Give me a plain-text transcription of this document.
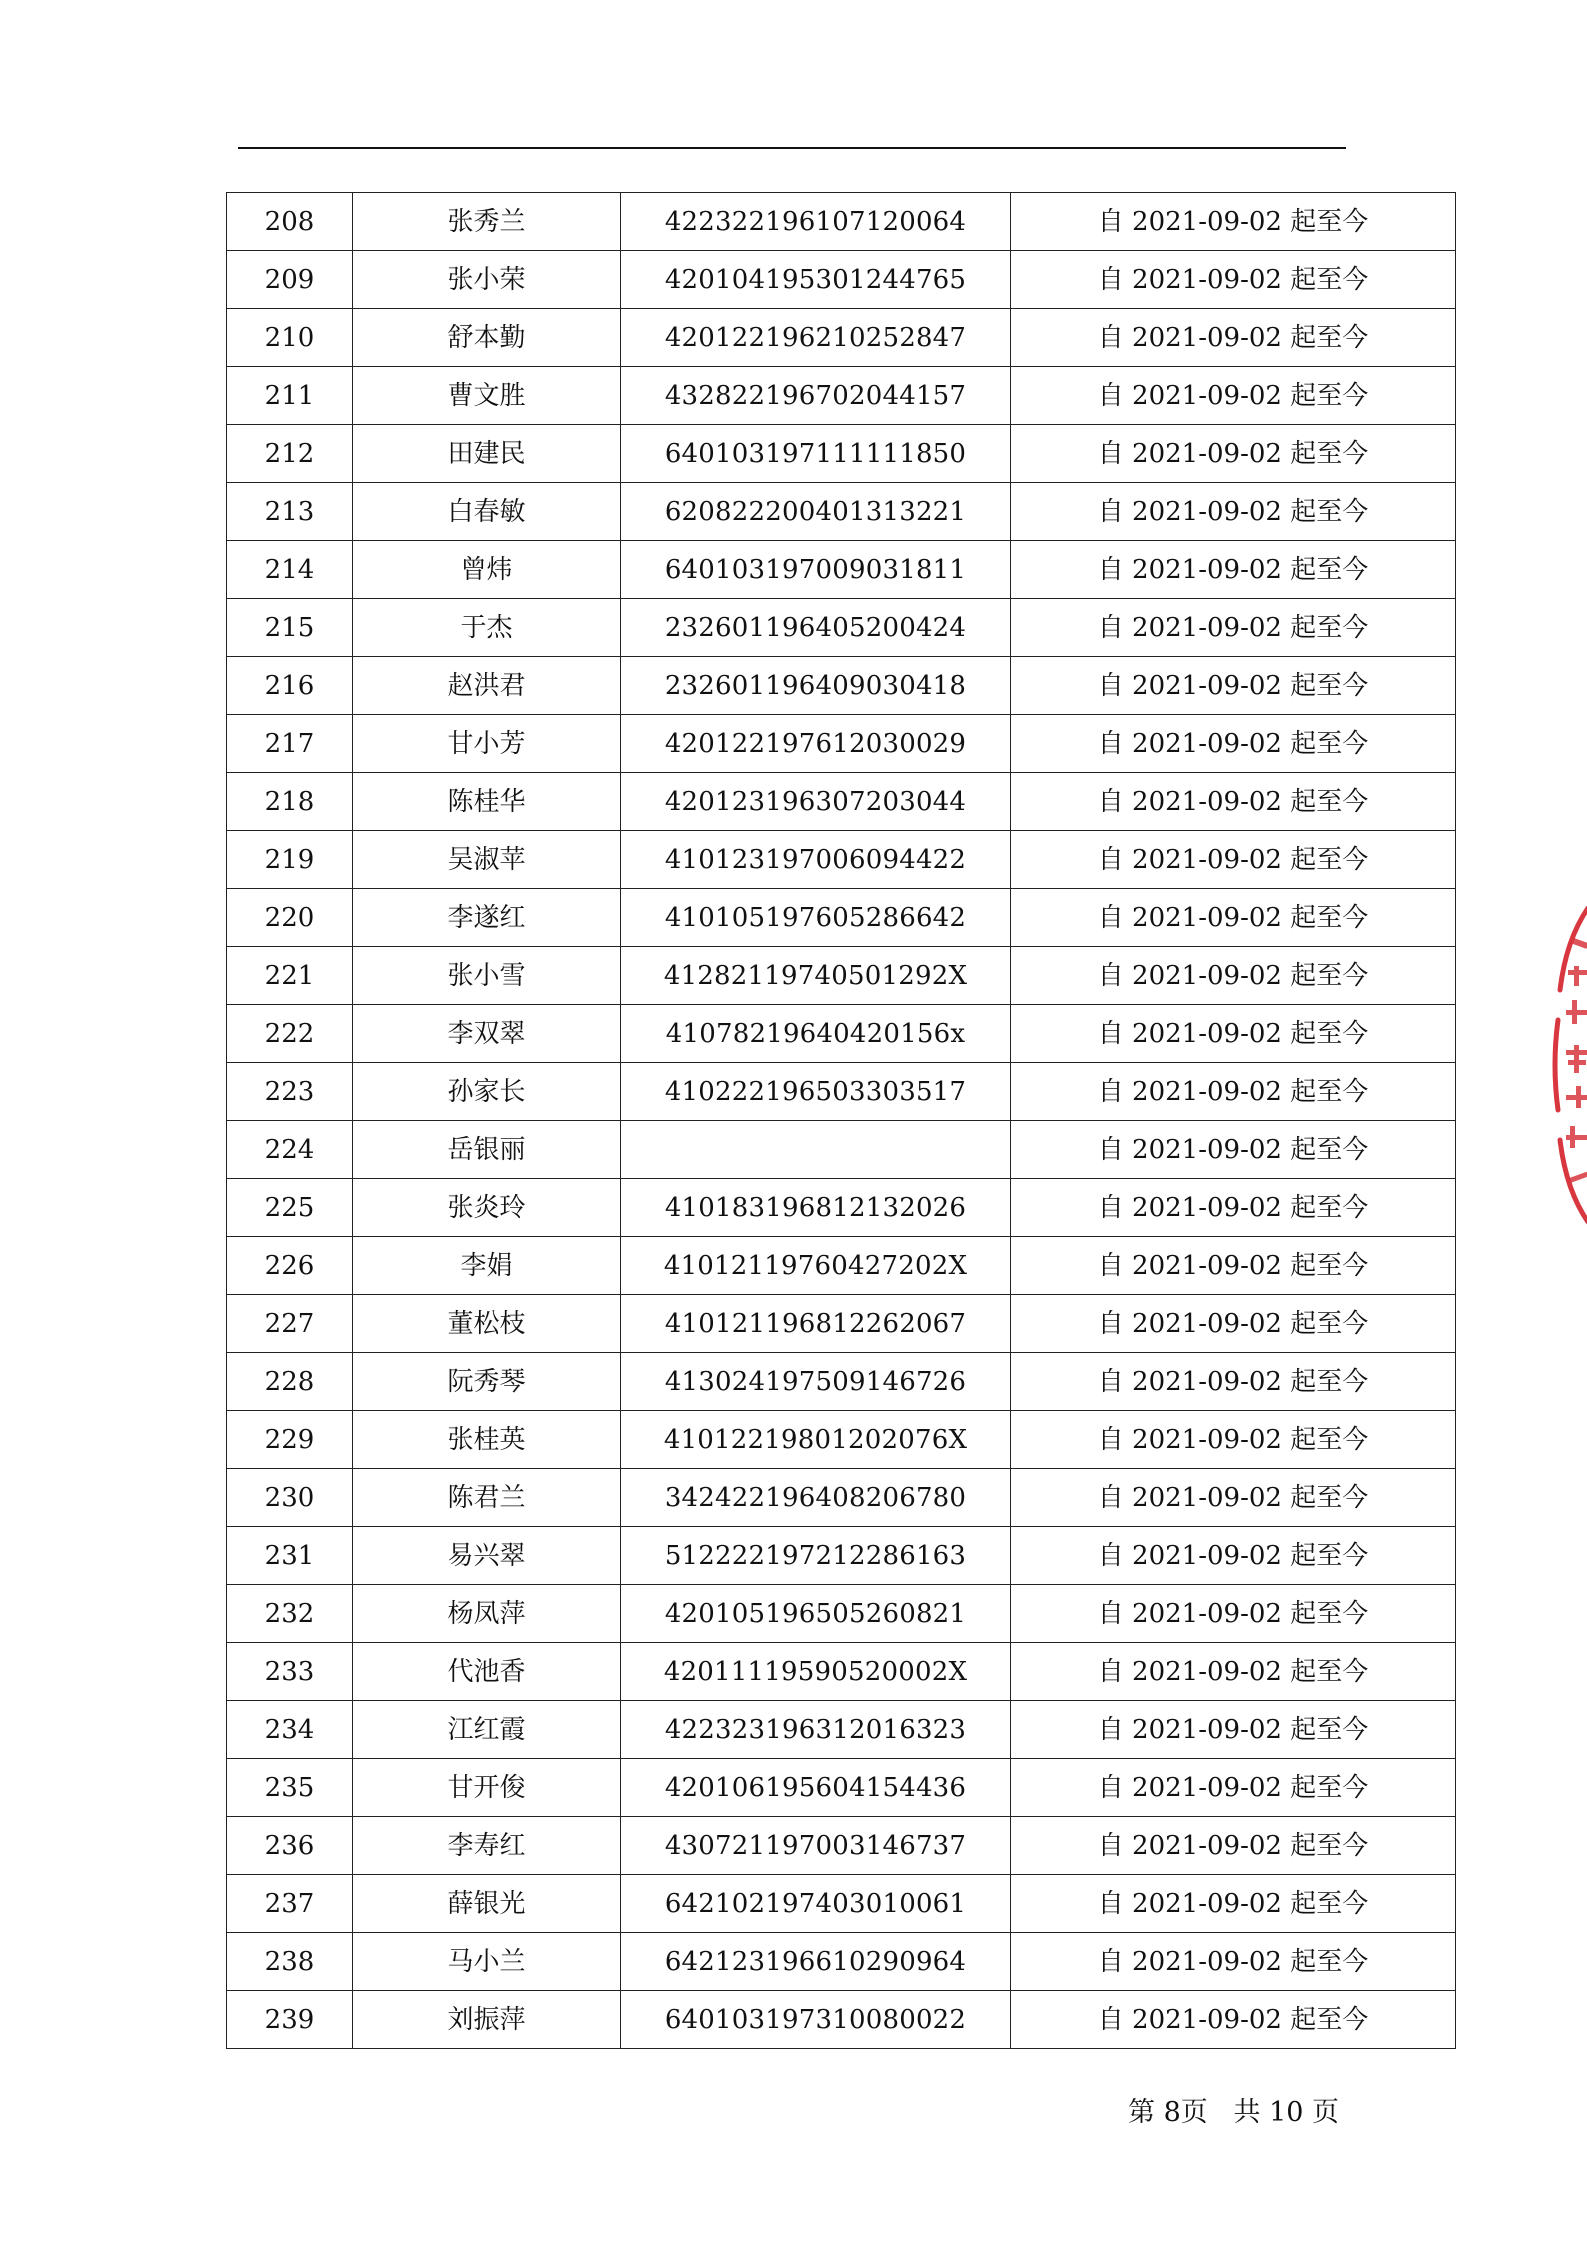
208	张秀兰	422322196107120064	自 2021-09-02 起至今
209	张小荣	420104195301244765	自 2021-09-02 起至今
210	舒本勤	420122196210252847	自 2021-09-02 起至今
211	曹文胜	432822196702044157	自 2021-09-02 起至今
212	田建民	640103197111111850	自 2021-09-02 起至今
213	白春敏	620822200401313221	自 2021-09-02 起至今
214	曾炜	640103197009031811	自 2021-09-02 起至今
215	于杰	232601196405200424	自 2021-09-02 起至今
216	赵洪君	232601196409030418	自 2021-09-02 起至今
217	甘小芳	420122197612030029	自 2021-09-02 起至今
218	陈桂华	420123196307203044	自 2021-09-02 起至今
219	吴淑苹	410123197006094422	自 2021-09-02 起至今
220	李遂红	410105197605286642	自 2021-09-02 起至今
221	张小雪	41282119740501292X	自 2021-09-02 起至今
222	李双翠	41078219640420156x	自 2021-09-02 起至今
223	孙家长	410222196503303517	自 2021-09-02 起至今
224	岳银丽		自 2021-09-02 起至今
225	张炎玲	410183196812132026	自 2021-09-02 起至今
226	李娟	41012119760427202X	自 2021-09-02 起至今
227	董松枝	410121196812262067	自 2021-09-02 起至今
228	阮秀琴	413024197509146726	自 2021-09-02 起至今
229	张桂英	41012219801202076X	自 2021-09-02 起至今
230	陈君兰	342422196408206780	自 2021-09-02 起至今
231	易兴翠	512222197212286163	自 2021-09-02 起至今
232	杨凤萍	420105196505260821	自 2021-09-02 起至今
233	代池香	42011119590520002X	自 2021-09-02 起至今
234	江红霞	422323196312016323	自 2021-09-02 起至今
235	甘开俊	420106195604154436	自 2021-09-02 起至今
236	李寿红	430721197003146737	自 2021-09-02 起至今
237	薛银光	642102197403010061	自 2021-09-02 起至今
238	马小兰	642123196610290964	自 2021-09-02 起至今
239	刘振萍	640103197310080022	自 2021-09-02 起至今
第 8页 共 10 页
